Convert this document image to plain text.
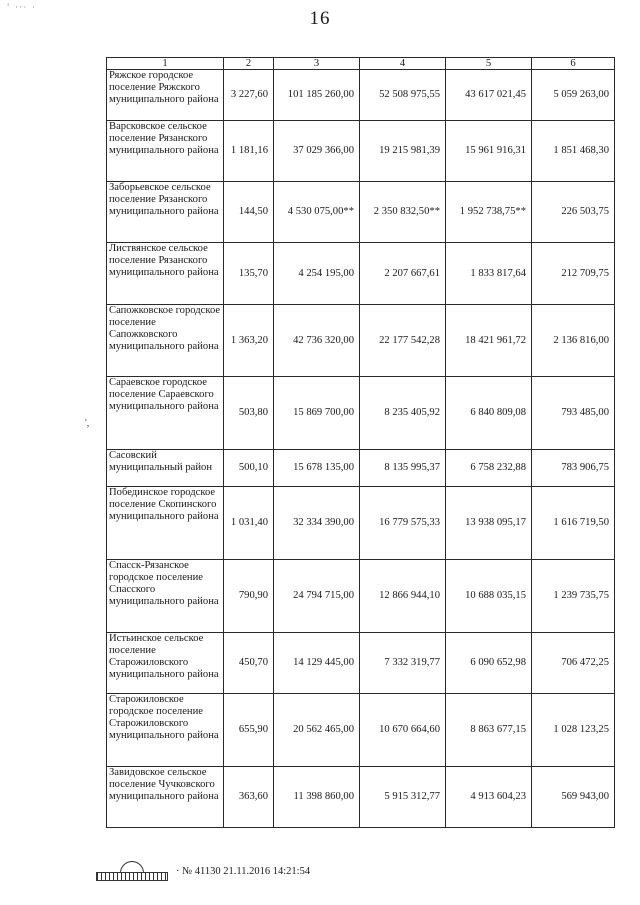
' ··· ·	16
',
1	2	3	4	5	6
Ряжское городское поселение Ряжского муниципального района	3 227,60	101 185 260,00	52 508 975,55	43 617 021,45	5 059 263,00
Варсковское сельское поселение Рязанского муниципального района	1 181,16	37 029 366,00	19 215 981,39	15 961 916,31	1 851 468,30
Заборьевское сельское поселение Рязанского муниципального района	144,50	4 530 075,00**	2 350 832,50**	1 952 738,75**	226 503,75
Листвянское сельское поселение Рязанского муниципального района	135,70	4 254 195,00	2 207 667,61	1 833 817,64	212 709,75
Сапожковское городское поселение Сапожковского муниципального района	1 363,20	42 736 320,00	22 177 542,28	18 421 961,72	2 136 816,00
Сараевское городское поселение Сараевского муниципального района	503,80	15 869 700,00	8 235 405,92	6 840 809,08	793 485,00
Сасовский муниципальный район	500,10	15 678 135,00	8 135 995,37	6 758 232,88	783 906,75
Побединское городское поселение Скопинского муниципального района	1 031,40	32 334 390,00	16 779 575,33	13 938 095,17	1 616 719,50
Спасск-Рязанское городское поселение Спасского муниципального района	790,90	24 794 715,00	12 866 944,10	10 688 035,15	1 239 735,75
Истьинское сельское поселение Старожиловского муниципального района	450,70	14 129 445,00	7 332 319,77	6 090 652,98	706 472,25
Старожиловское городское поселение Старожиловского муниципального района	655,90	20 562 465,00	10 670 664,60	8 863 677,15	1 028 123,25
Завидовское сельское поселение Чучковского муниципального района	363,60	11 398 860,00	5 915 312,77	4 913 604,23	569 943,00
· № 41130 21.11.2016 14:21:54
